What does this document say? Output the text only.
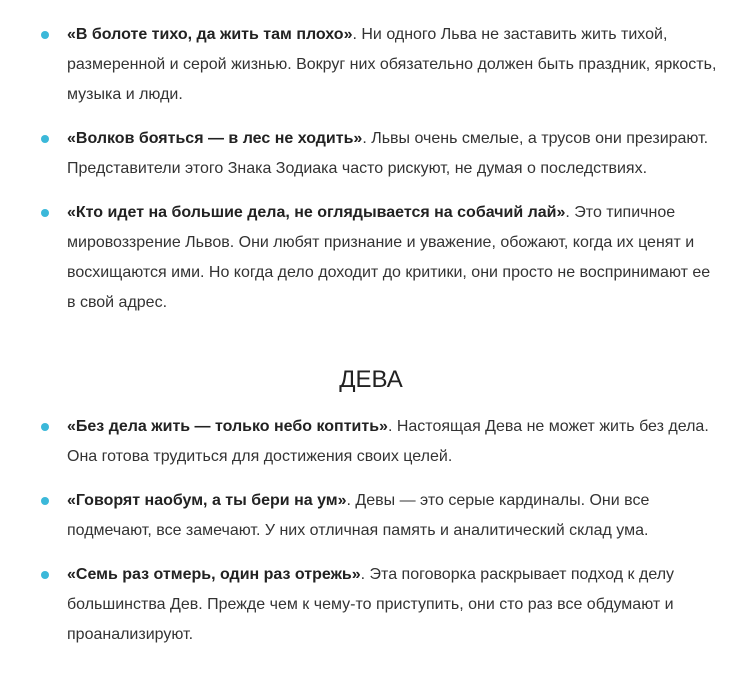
«В болоте тихо, да жить там плохо». Ни одного Льва не заставить жить тихой, размеренной и серой жизнью. Вокруг них обязательно должен быть праздник, яркость, музыка и люди.
«Волков бояться — в лес не ходить». Львы очень смелые, а трусов они презирают. Представители этого Знака Зодиака часто рискуют, не думая о последствиях.
«Кто идет на большие дела, не оглядывается на собачий лай». Это типичное мировоззрение Львов. Они любят признание и уважение, обожают, когда их ценят и восхищаются ими. Но когда дело доходит до критики, они просто не воспринимают ее в свой адрес.
ДЕВА
«Без дела жить — только небо коптить». Настоящая Дева не может жить без дела. Она готова трудиться для достижения своих целей.
«Говорят наобум, а ты бери на ум». Девы — это серые кардиналы. Они все подмечают, все замечают. У них отличная память и аналитический склад ума.
«Семь раз отмерь, один раз отрежь». Эта поговорка раскрывает подход к делу большинства Дев. Прежде чем к чему-то приступить, они сто раз все обдумают и проанализируют.
